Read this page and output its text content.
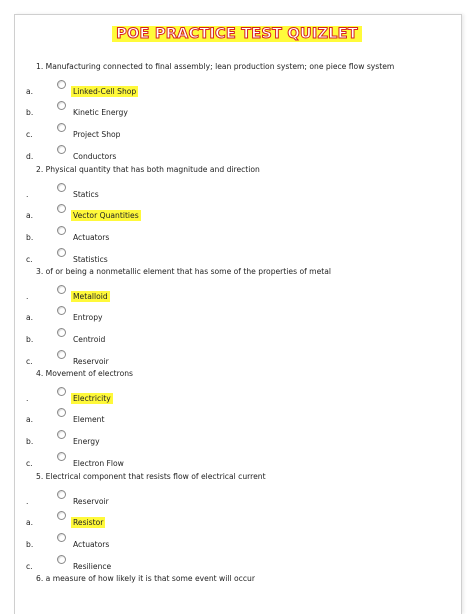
POE PRACTICE TEST QUIZLET
1. Manufacturing connected to final assembly; lean production system; one piece flow system
a.	Linked-Cell Shop
b.	Kinetic Energy
c.	Project Shop
d.	Conductors
2. Physical quantity that has both magnitude and direction
.	Statics
a.	Vector Quantities
b.	Actuators
c.	Statistics
3. of or being a nonmetallic element that has some of the properties of metal
.	Metalloid
a.	Entropy
b.	Centroid
c.	Reservoir
4. Movement of electrons
.	Electricity
a.	Element
b.	Energy
c.	Electron Flow
5. Electrical component that resists flow of electrical current
.	Reservoir
a.	Resistor
b.	Actuators
c.	Resilience
6. a measure of how likely it is that some event will occur
